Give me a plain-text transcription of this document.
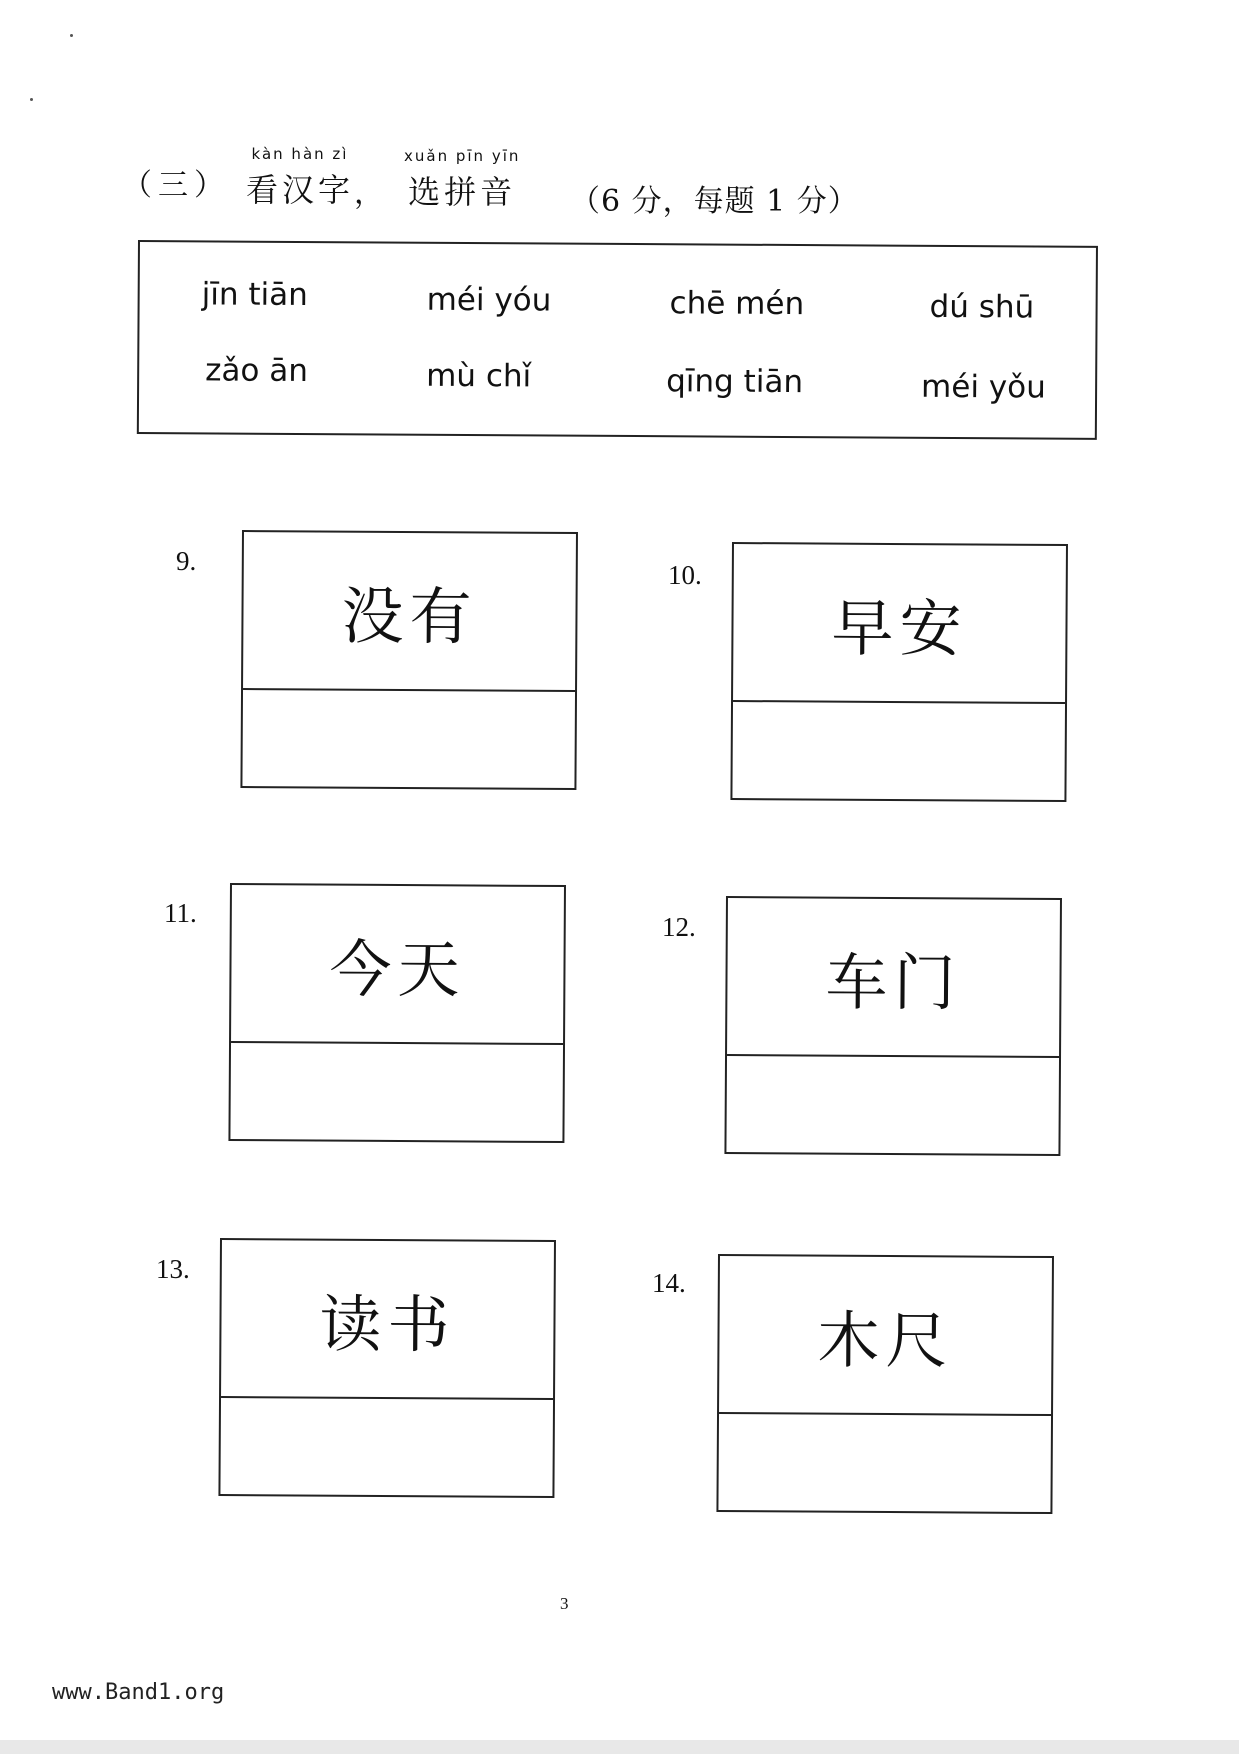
（三）
kàn hàn zì
看汉字 ，
xuǎn pīn yīn
选拼音 （6 分，每题 1 分）
jīn tiān	méi yóu	chē mén	dú shū
zǎo ān	mù chǐ	qīng tiān	méi yǒu
9.
没有
10.
早安
11.
今天
12.
车门
13.
读书
14.
木尺
3
www.Band1.org
